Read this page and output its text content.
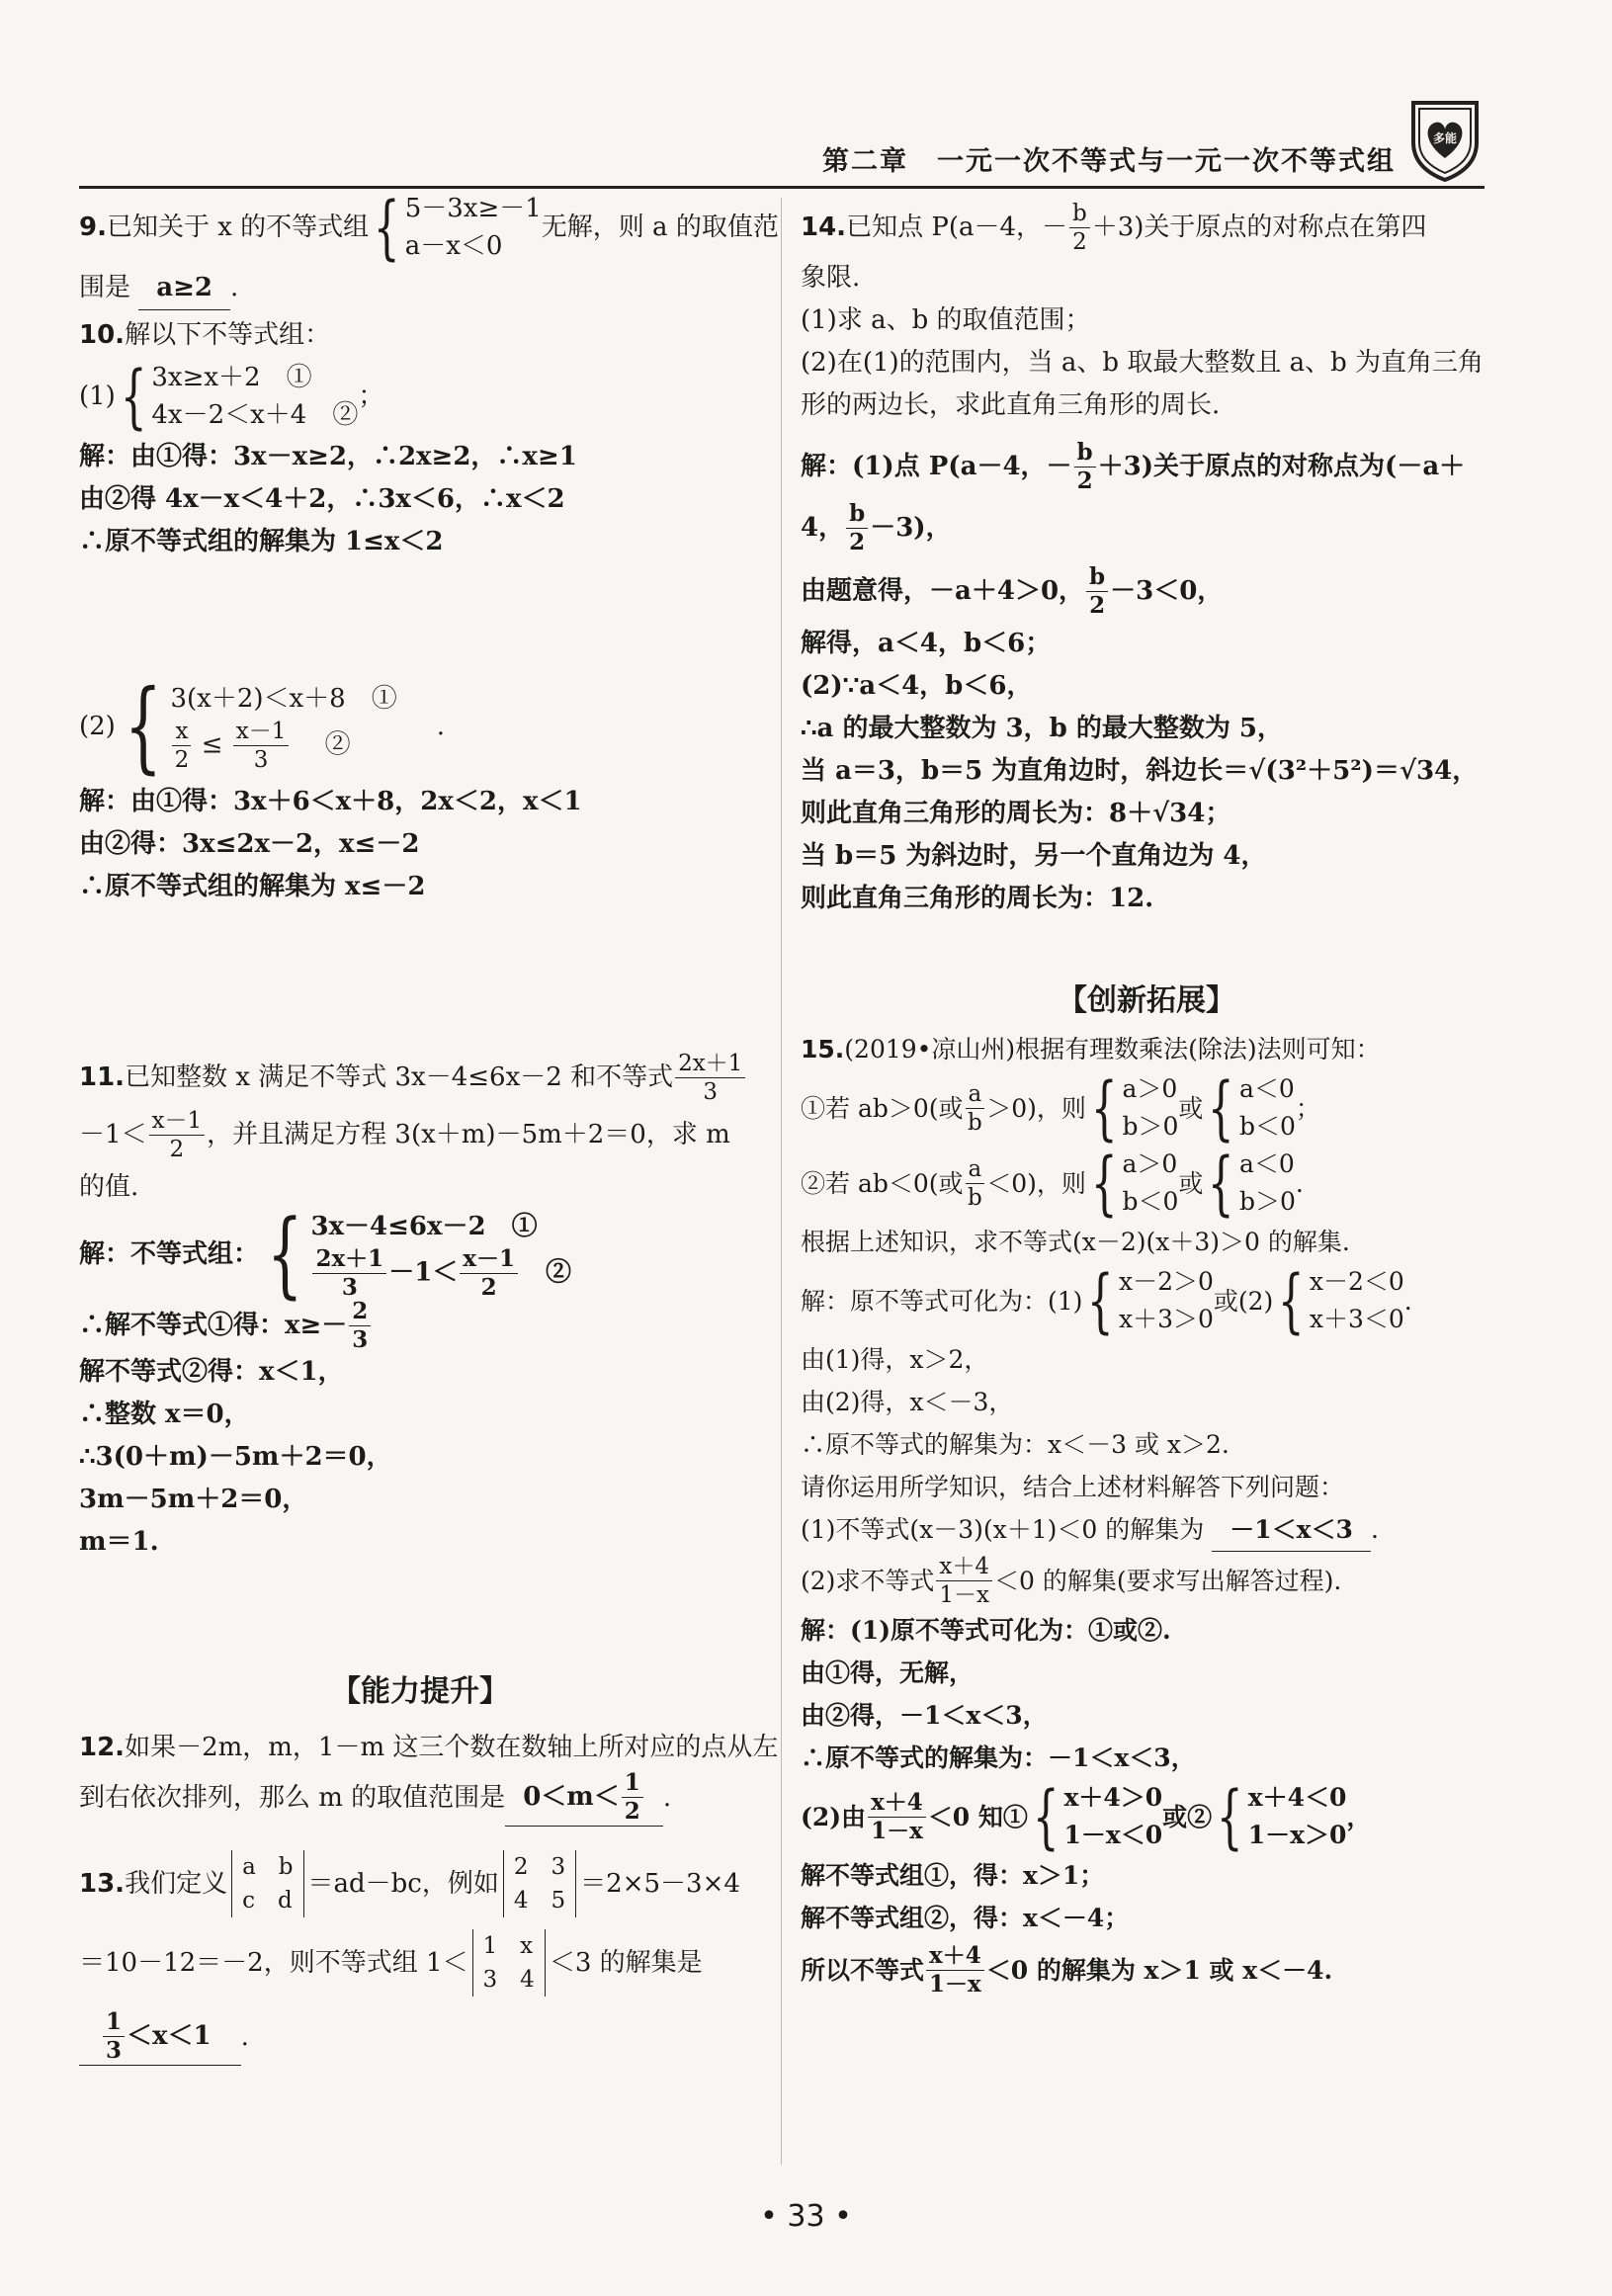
第二章　一元一次不等式与一元一次不等式组
多能
9. 已知关于 x 的不等式组 { 5－3x≥－1
a－x＜0
无解，则 a 的取值范
围是 a≥2 .
10.解以下不等式组：
(1) { 3x≥x＋2　①
4x－2＜x＋4　②
；
解：由①得：3x－x≥2，∴2x≥2，∴x≥1
由②得 4x－x＜4＋2，∴3x＜6，∴x＜2
∴原不等式组的解集为 1≤x＜2
(2) { 3(x＋2)＜x＋8　①
$\frac{x}{2} \le \frac{x-1}{3}$
　 ②
.
解：由①得：3x＋6＜x＋8，2x＜2，x＜1
由②得：3x≤2x－2，x≤－2
∴原不等式组的解集为 x≤－2
11. 已知整数 x 满足不等式 3x－4≤6x－2 和不等式 $\frac{2x+1}{3}$
$-1< \frac{x-1}{2}$ ，并且满足方程 3(x＋m)－5m＋2＝0，求 m
的值.
解：不等式组： { 3x－4≤6x－2　①
$\frac{2x+1}{3} -1< \frac{x-1}{2}$
　 ②
∴解不等式①得：$x\ge- \frac{2}{3}$
解不等式②得：x＜1，
∴整数 x＝0，
∴3(0＋m)－5m＋2＝0，
3m－5m＋2＝0，
m＝1.
【能力提升】
12.如果－2m，m，1－m 这三个数在数轴上所对应的点从左
到右依次排列，那么 m 的取值范围是 $0<m< \frac{1}{2}$ .
13. 我们定义
a　b
c　d
＝ad－bc，例如
2　3
4　5
＝2×5－3×4
＝10－12＝－2，则不等式组 1＜
1　x
3　4
＜3 的解集是
$\frac{1}{3} <x<1$ .
14. 已知点 P(a－4，－ $\frac{b}{2} +3$)关于原点的对称点在第四
象限.
(1)求 a、b 的取值范围；
(2)在(1)的范围内，当 a、b 取最大整数且 a、b 为直角三角
形的两边长，求此直角三角形的周长.
解：(1)点 P(a－4，－ $\frac{b}{2} +3$)关于原点的对称点为(－a＋
4， $\frac{b}{2} -3$)，
由题意得，－a＋4＞0， $\frac{b}{2} -3<0$，
解得，a＜4，b＜6；
(2)∵a＜4，b＜6，
∴a 的最大整数为 3，b 的最大整数为 5，
当 a＝3，b＝5 为直角边时，斜边长＝√(3²＋5²)＝√34，
则此直角三角形的周长为：8＋√34；
当 b＝5 为斜边时，另一个直角边为 4，
则此直角三角形的周长为：12.
【创新拓展】
15.(2019•凉山州)根据有理数乘法(除法)法则可知：
①若 ab＞0(或 $\frac{a}{b} >0$)，则 { a＞0
b＞0
或 { a＜0
b＜0
；
②若 ab＜0(或 $\frac{a}{b} <0$)，则 { a＞0
b＜0
或 { a＜0
b＞0
.
根据上述知识，求不等式(x－2)(x＋3)＞0 的解集.
解：原不等式可化为：(1) { x－2＞0
x＋3＞0
或(2) { x－2＜0
x＋3＜0
.
由(1)得，x＞2，
由(2)得，x＜－3，
∴原不等式的解集为：x＜－3 或 x＞2.
请你运用所学知识，结合上述材料解答下列问题：
(1)不等式(x－3)(x＋1)＜0 的解集为 －1＜x＜3 .
(2)求不等式 $\frac{x+4}{1-x} <0$ 的解集(要求写出解答过程).
解：(1)原不等式可化为：①或②.
由①得，无解，
由②得，－1＜x＜3，
∴原不等式的解集为：－1＜x＜3，
(2)由 $\frac{x+4}{1-x} <0$ 知① { x＋4＞0
1－x＜0
或② { x＋4＜0
1－x＞0
，
解不等式组①，得：x＞1；
解不等式组②，得：x＜－4；
所以不等式 $\frac{x+4}{1-x} <0$ 的解集为 x＞1 或 x＜－4.
• 33 •
